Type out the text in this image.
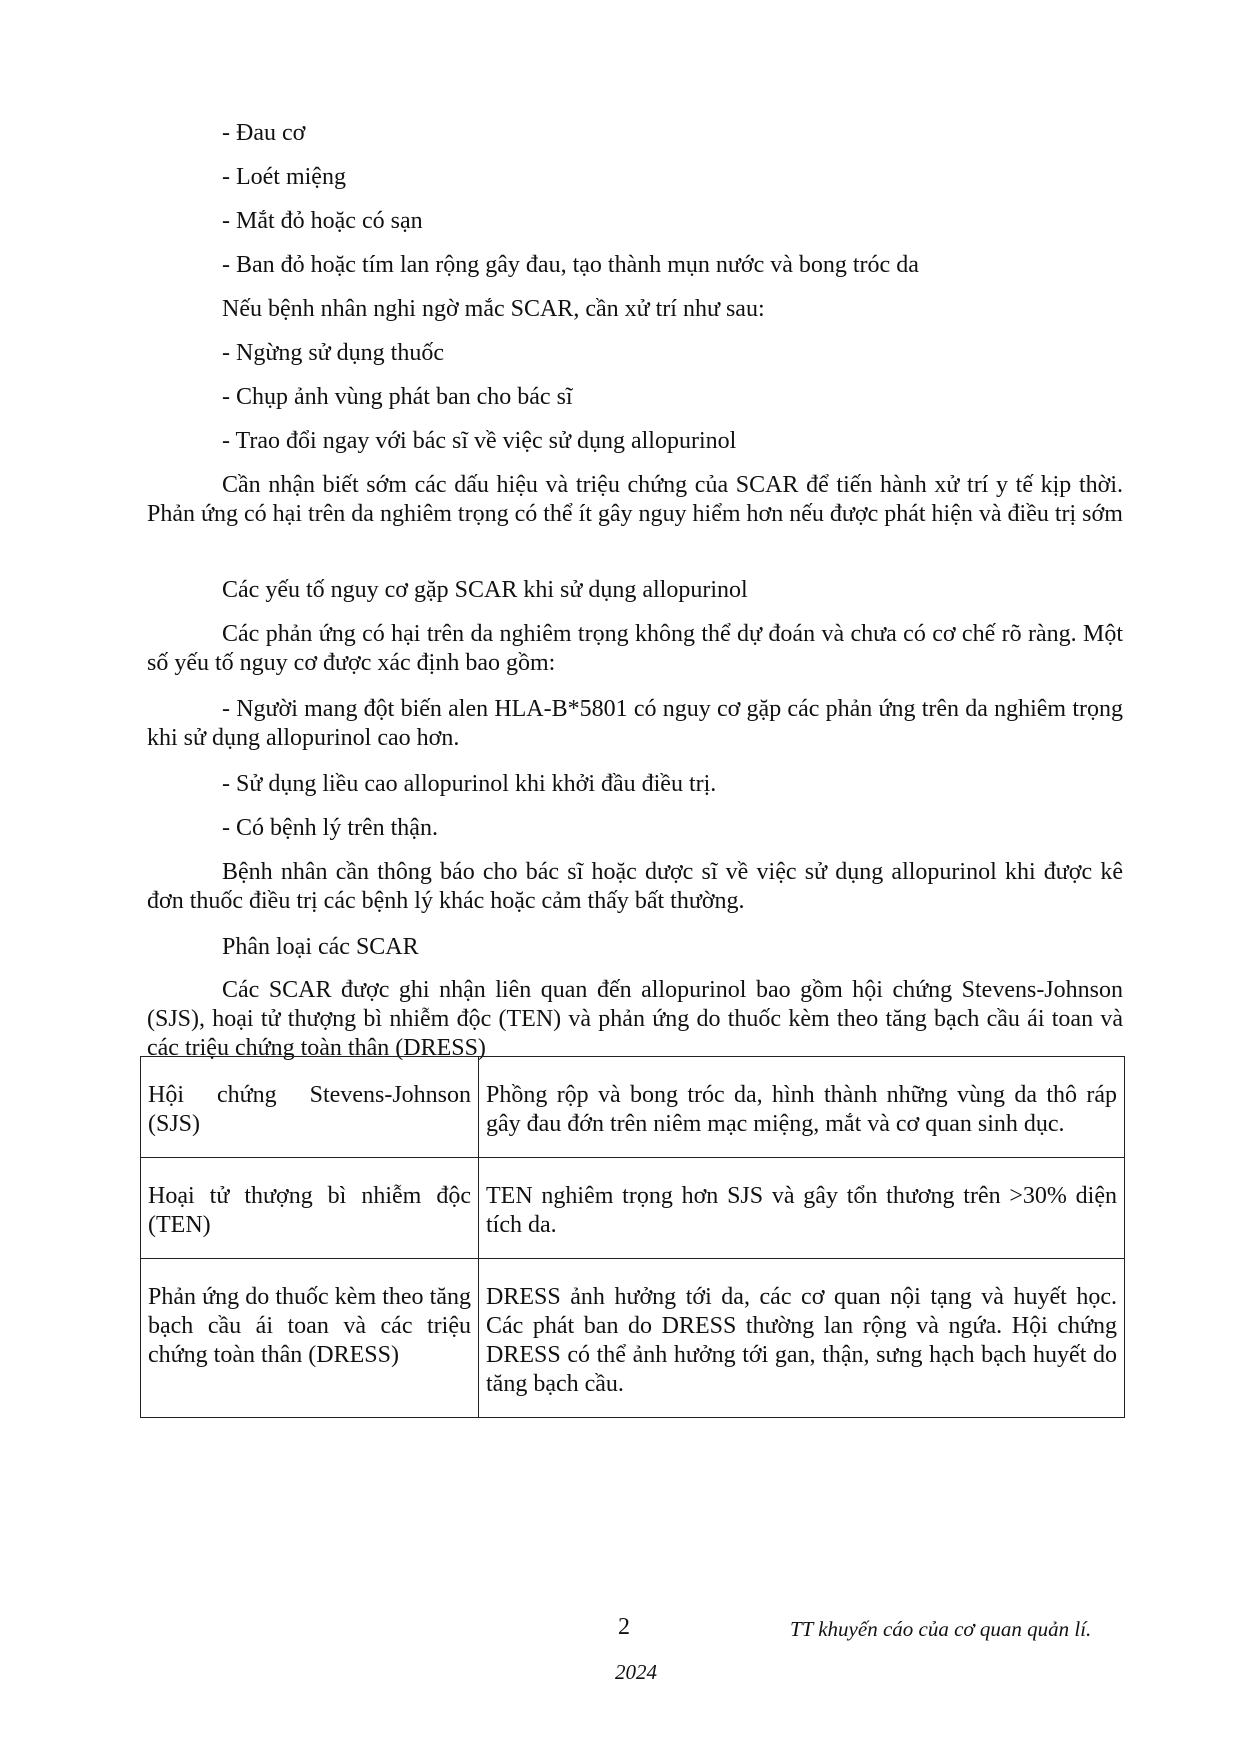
- Đau cơ
- Loét miệng
- Mắt đỏ hoặc có sạn
- Ban đỏ hoặc tím lan rộng gây đau, tạo thành mụn nước và bong tróc da
Nếu bệnh nhân nghi ngờ mắc SCAR, cần xử trí như sau:
- Ngừng sử dụng thuốc
- Chụp ảnh vùng phát ban cho bác sĩ
- Trao đổi ngay với bác sĩ về việc sử dụng allopurinol
Cần nhận biết sớm các dấu hiệu và triệu chứng của SCAR để tiến hành xử trí y tế kịp thời. Phản ứng có hại trên da nghiêm trọng có thể ít gây nguy hiểm hơn nếu được phát hiện và điều trị sớm
Các yếu tố nguy cơ gặp SCAR khi sử dụng allopurinol
Các phản ứng có hại trên da nghiêm trọng không thể dự đoán và chưa có cơ chế rõ ràng. Một số yếu tố nguy cơ được xác định bao gồm:
- Người mang đột biến alen HLA-B*5801 có nguy cơ gặp các phản ứng trên da nghiêm trọng khi sử dụng allopurinol cao hơn.
- Sử dụng liều cao allopurinol khi khởi đầu điều trị.
- Có bệnh lý trên thận.
Bệnh nhân cần thông báo cho bác sĩ hoặc dược sĩ về việc sử dụng allopurinol khi được kê đơn thuốc điều trị các bệnh lý khác hoặc cảm thấy bất thường.
Phân loại các SCAR
Các SCAR được ghi nhận liên quan đến allopurinol bao gồm hội chứng Stevens-Johnson (SJS), hoại tử thượng bì nhiễm độc (TEN) và phản ứng do thuốc kèm theo tăng bạch cầu ái toan và các triệu chứng toàn thân (DRESS)
Hội chứng Stevens-Johnson (SJS)	Phồng rộp và bong tróc da, hình thành những vùng da thô ráp gây đau đớn trên niêm mạc miệng, mắt và cơ quan sinh dục.
Hoại tử thượng bì nhiễm độc (TEN)	TEN nghiêm trọng hơn SJS và gây tổn thương trên >30% diện tích da.
Phản ứng do thuốc kèm theo tăng bạch cầu ái toan và các triệu chứng toàn thân (DRESS)	DRESS ảnh hưởng tới da, các cơ quan nội tạng và huyết học. Các phát ban do DRESS thường lan rộng và ngứa. Hội chứng DRESS có thể ảnh hưởng tới gan, thận, sưng hạch bạch huyết do tăng bạch cầu.
2	TT khuyến cáo của cơ quan quản lí.
2024
